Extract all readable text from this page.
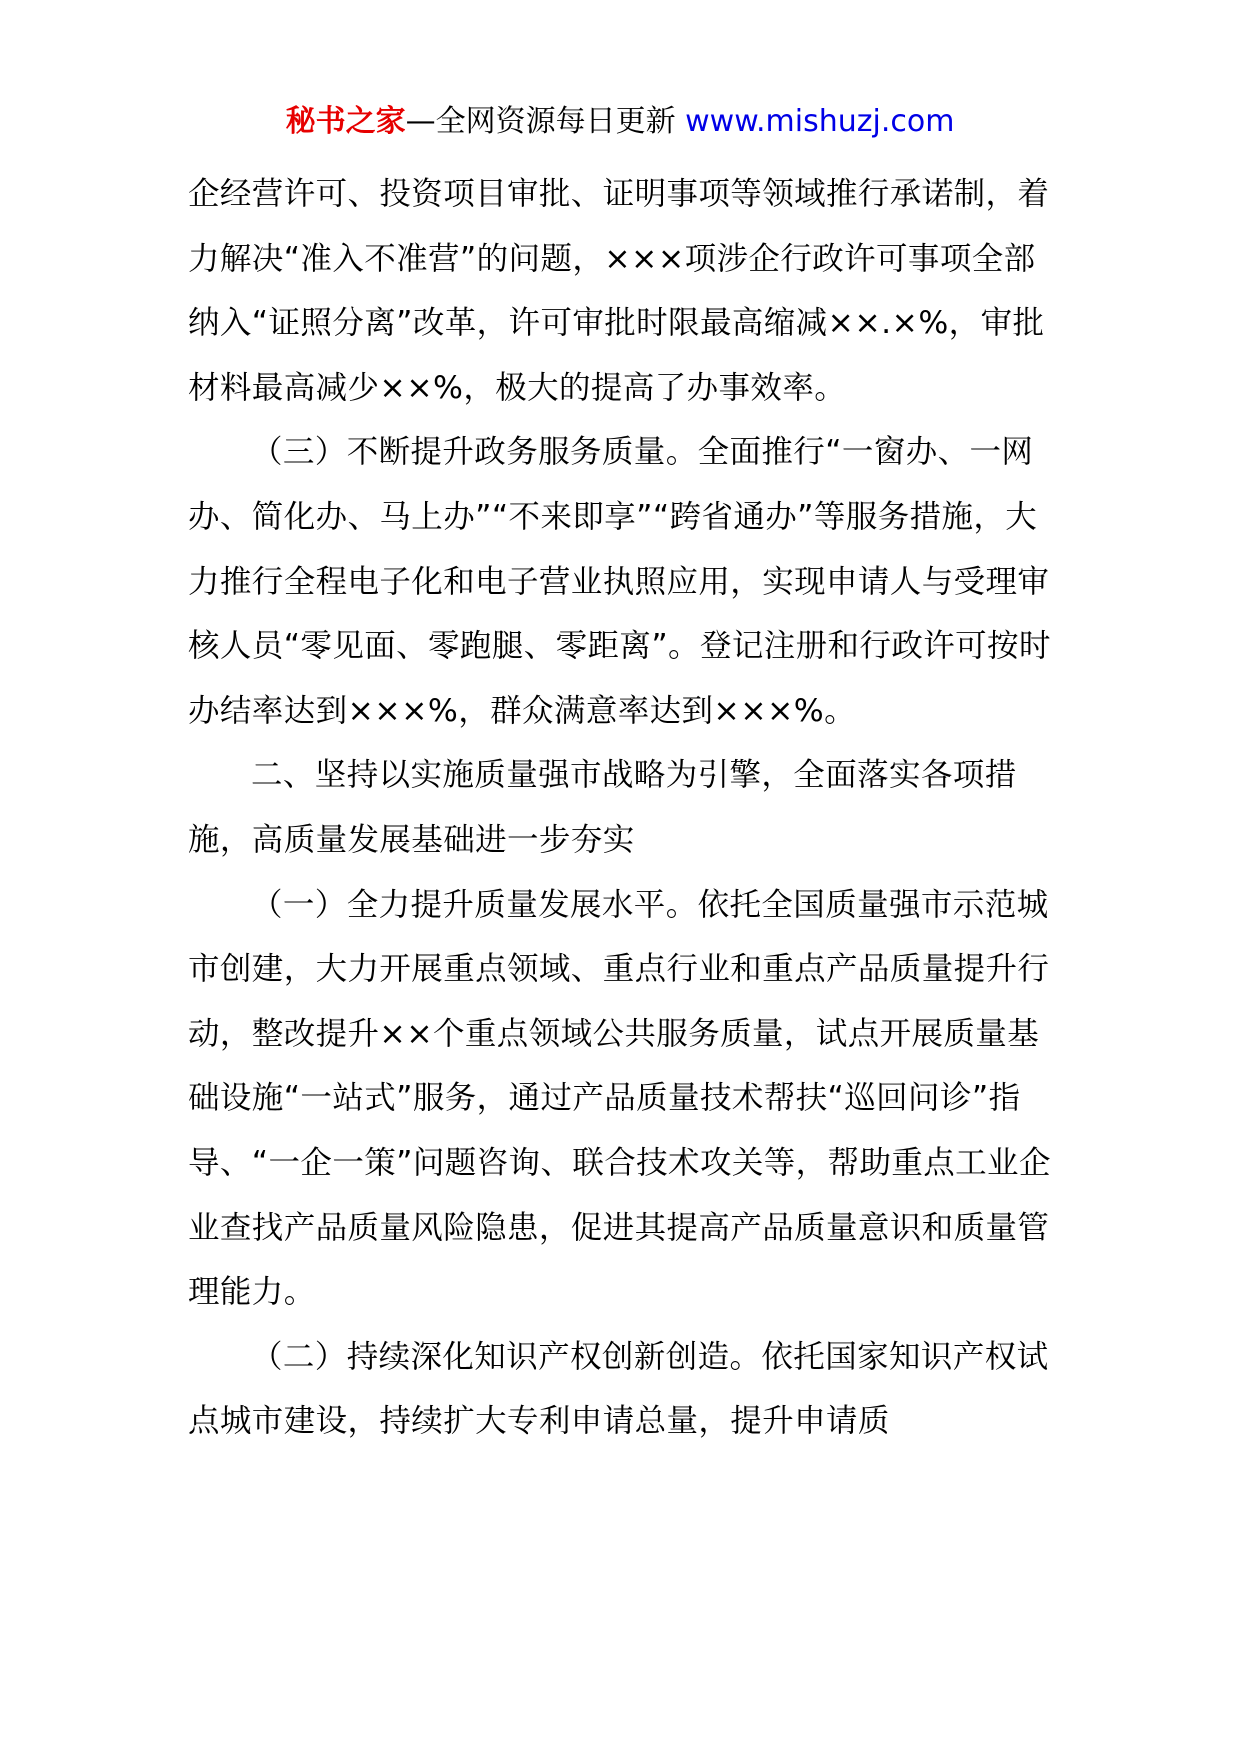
秘书之家—全网资源每日更新 www.mishuzj.com

企经营许可、投资项目审批、证明事项等领域推行承诺制，着力解决“准入不准营”的问题，×××项涉企行政许可事项全部纳入“证照分离”改革，许可审批时限最高缩减××.×%，审批材料最高减少××%，极大的提高了办事效率。

（三）不断提升政务服务质量。全面推行“一窗办、一网办、简化办、马上办”“不来即享”“跨省通办”等服务措施，大力推行全程电子化和电子营业执照应用，实现申请人与受理审核人员“零见面、零跑腿、零距离”。登记注册和行政许可按时办结率达到×××%，群众满意率达到×××%。

二、坚持以实施质量强市战略为引擎，全面落实各项措施，高质量发展基础进一步夯实

（一）全力提升质量发展水平。依托全国质量强市示范城市创建，大力开展重点领域、重点行业和重点产品质量提升行动，整改提升××个重点领域公共服务质量，试点开展质量基础设施“一站式”服务，通过产品质量技术帮扶“巡回问诊”指导、“一企一策”问题咨询、联合技术攻关等，帮助重点工业企业查找产品质量风险隐患，促进其提高产品质量意识和质量管理能力。

（二）持续深化知识产权创新创造。依托国家知识产权试点城市建设，持续扩大专利申请总量，提升申请质
